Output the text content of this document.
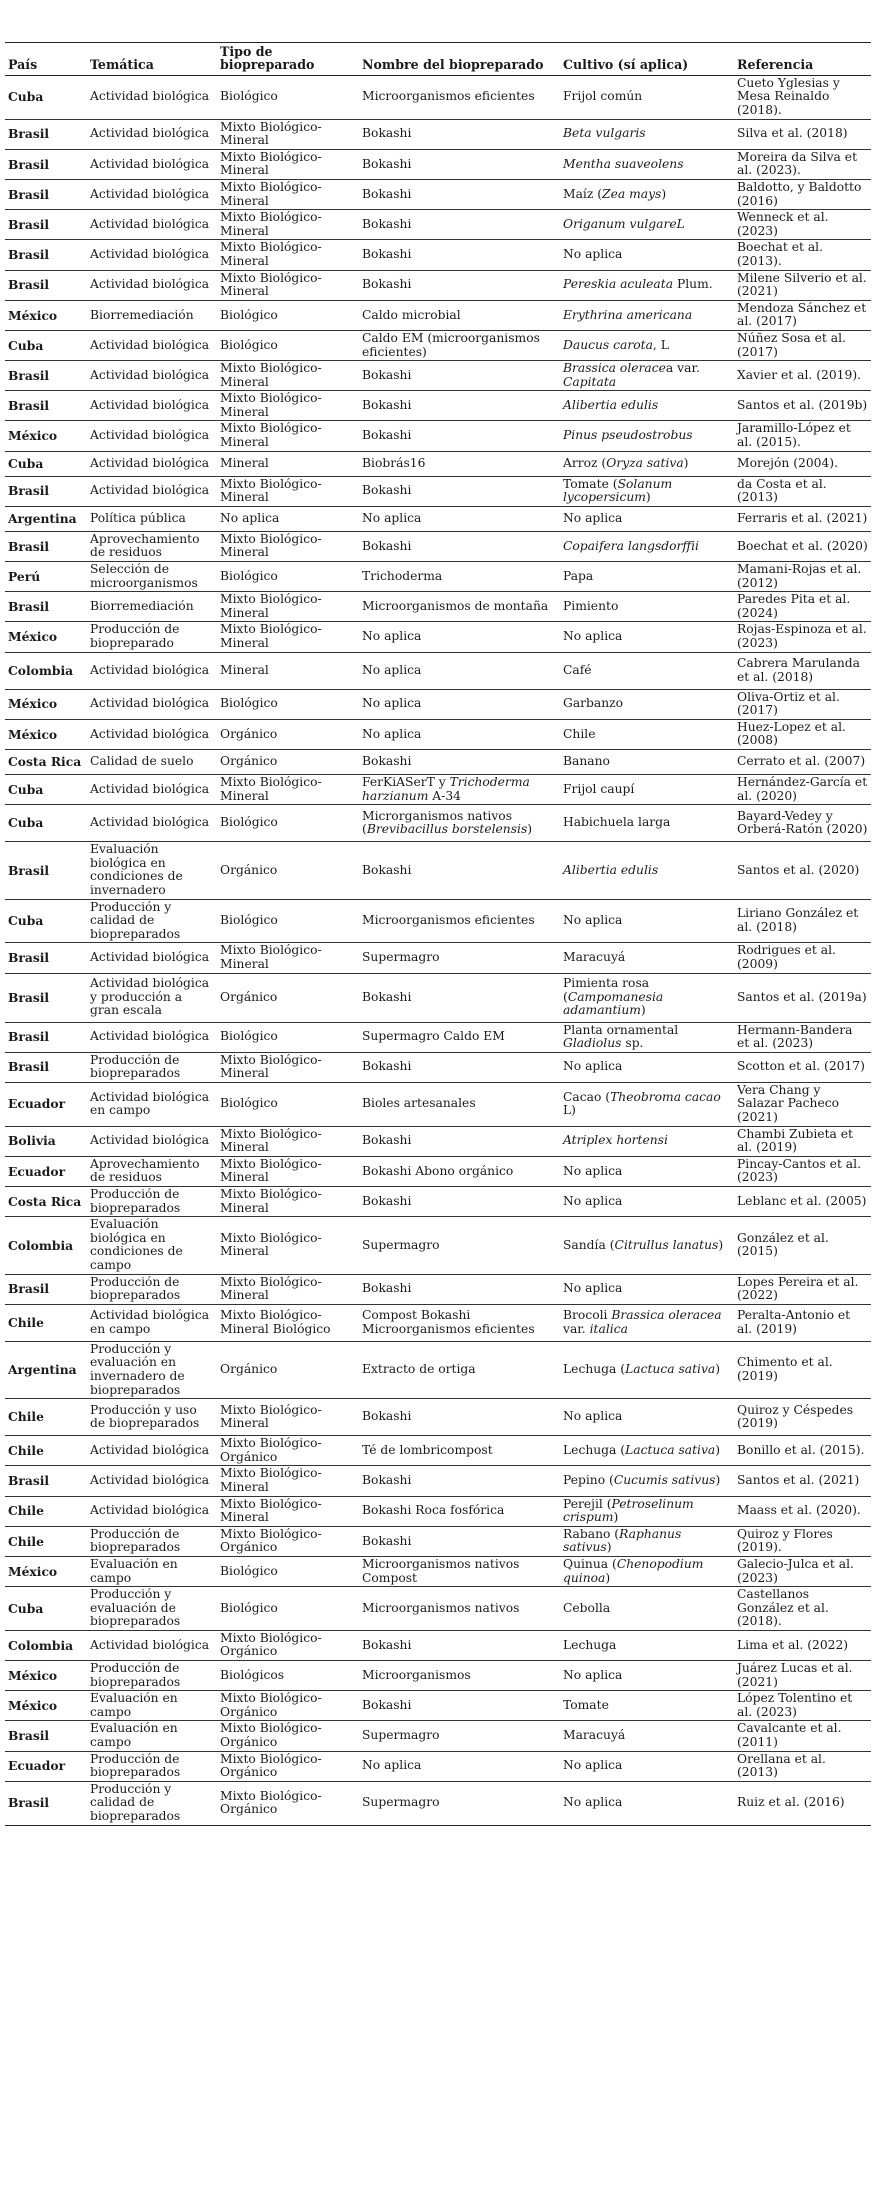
País	Temática	Tipo de biopreparado	Nombre del biopreparado	Cultivo (sí aplica)	Referencia
Cuba	Actividad biológica	Biológico	Microorganismos eficientes	Frijol común	Cueto Yglesias y Mesa Reinaldo (2018).
Brasil	Actividad biológica	Mixto Biológico-Mineral	Bokashi	Beta vulgaris	Silva et al. (2018)
Brasil	Actividad biológica	Mixto Biológico-Mineral	Bokashi	Mentha suaveolens	Moreira da Silva et al. (2023).
Brasil	Actividad biológica	Mixto Biológico-Mineral	Bokashi	Maíz (Zea mays)	Baldotto, y Baldotto (2016)
Brasil	Actividad biológica	Mixto Biológico-Mineral	Bokashi	Origanum vulgareL	Wenneck et al. (2023)
Brasil	Actividad biológica	Mixto Biológico-Mineral	Bokashi	No aplica	Boechat et al. (2013).
Brasil	Actividad biológica	Mixto Biológico-Mineral	Bokashi	Pereskia aculeata Plum.	Milene Silverio et al. (2021)
México	Biorremediación	Biológico	Caldo microbial	Erythrina americana	Mendoza Sánchez et al. (2017)
Cuba	Actividad biológica	Biológico	Caldo EM (microorganismos eficientes)	Daucus carota, L	Núñez Sosa et al. (2017)
Brasil	Actividad biológica	Mixto Biológico-Mineral	Bokashi	Brassica oleracea var. Capitata	Xavier et al. (2019).
Brasil	Actividad biológica	Mixto Biológico-Mineral	Bokashi	Alibertia edulis	Santos et al. (2019b)
México	Actividad biológica	Mixto Biológico-Mineral	Bokashi	Pinus pseudostrobus	Jaramillo-López et al. (2015).
Cuba	Actividad biológica	Mineral	Biobrás16	Arroz (Oryza sativa)	Morejón (2004).
Brasil	Actividad biológica	Mixto Biológico-Mineral	Bokashi	Tomate (Solanum lycopersicum)	da Costa et al. (2013)
Argentina	Política pública	No aplica	No aplica	No aplica	Ferraris et al. (2021)
Brasil	Aprovechamiento de residuos	Mixto Biológico-Mineral	Bokashi	Copaifera langsdorffii	Boechat et al. (2020)
Perú	Selección de microorganismos	Biológico	Trichoderma	Papa	Mamani-Rojas et al. (2012)
Brasil	Biorremediación	Mixto Biológico-Mineral	Microorganismos de montaña	Pimiento	Paredes Pita et al. (2024)
México	Producción de biopreparado	Mixto Biológico-Mineral	No aplica	No aplica	Rojas-Espinoza et al. (2023)
Colombia	Actividad biológica	Mineral	No aplica	Café	Cabrera Marulanda et al. (2018)
México	Actividad biológica	Biológico	No aplica	Garbanzo	Oliva-Ortiz et al. (2017)
México	Actividad biológica	Orgánico	No aplica	Chile	Huez-Lopez et al. (2008)
Costa Rica	Calidad de suelo	Orgánico	Bokashi	Banano	Cerrato et al. (2007)
Cuba	Actividad biológica	Mixto Biológico-Mineral	FerKiASerT y Trichoderma harzianum A-34	Frijol caupí	Hernández-García et al. (2020)
Cuba	Actividad biológica	Biológico	Microrganismos nativos (Brevibacillus borstelensis)	Habichuela larga	Bayard-Vedey y Orberá-Ratón (2020)
Brasil	Evaluación biológica en condiciones de invernadero	Orgánico	Bokashi	Alibertia edulis	Santos et al. (2020)
Cuba	Producción y calidad de biopreparados	Biológico	Microorganismos eficientes	No aplica	Liriano González et al. (2018)
Brasil	Actividad biológica	Mixto Biológico-Mineral	Supermagro	Maracuyá	Rodrigues et al. (2009)
Brasil	Actividad biológica y producción a gran escala	Orgánico	Bokashi	Pimienta rosa (Campomanesia adamantium)	Santos et al. (2019a)
Brasil	Actividad biológica	Biológico	Supermagro Caldo EM	Planta ornamental Gladiolus sp.	Hermann-Bandera et al. (2023)
Brasil	Producción de biopreparados	Mixto Biológico-Mineral	Bokashi	No aplica	Scotton et al. (2017)
Ecuador	Actividad biológica en campo	Biológico	Bioles artesanales	Cacao (Theobroma cacao L)	Vera Chang y Salazar Pacheco (2021)
Bolivia	Actividad biológica	Mixto Biológico-Mineral	Bokashi	Atriplex hortensi	Chambi Zubieta et al. (2019)
Ecuador	Aprovechamiento de residuos	Mixto Biológico-Mineral	Bokashi Abono orgánico	No aplica	Pincay-Cantos et al. (2023)
Costa Rica	Producción de biopreparados	Mixto Biológico-Mineral	Bokashi	No aplica	Leblanc et al. (2005)
Colombia	Evaluación biológica en condiciones de campo	Mixto Biológico-Mineral	Supermagro	Sandía (Citrullus lanatus)	González et al. (2015)
Brasil	Producción de biopreparados	Mixto Biológico-Mineral	Bokashi	No aplica	Lopes Pereira et al. (2022)
Chile	Actividad biológica en campo	Mixto Biológico-Mineral Biológico	Compost Bokashi Microorganismos eficientes	Brocoli Brassica oleracea var. italica	Peralta-Antonio et al. (2019)
Argentina	Producción y evaluación en invernadero de biopreparados	Orgánico	Extracto de ortiga	Lechuga (Lactuca sativa)	Chimento et al. (2019)
Chile	Producción y uso de biopreparados	Mixto Biológico-Mineral	Bokashi	No aplica	Quiroz y Céspedes (2019)
Chile	Actividad biológica	Mixto Biológico-Orgánico	Té de lombricompost	Lechuga (Lactuca sativa)	Bonillo et al. (2015).
Brasil	Actividad biológica	Mixto Biológico-Mineral	Bokashi	Pepino (Cucumis sativus)	Santos et al. (2021)
Chile	Actividad biológica	Mixto Biológico-Mineral	Bokashi Roca fosfórica	Perejil (Petroselinum crispum)	Maass et al. (2020).
Chile	Producción de biopreparados	Mixto Biológico-Orgánico	Bokashi	Rabano (Raphanus sativus)	Quiroz y Flores (2019).
México	Evaluación en campo	Biológico	Microorganismos nativos Compost	Quinua (Chenopodium quinoa)	Galecio-Julca et al. (2023)
Cuba	Producción y evaluación de biopreparados	Biológico	Microorganismos nativos	Cebolla	Castellanos González et al. (2018).
Colombia	Actividad biológica	Mixto Biológico-Orgánico	Bokashi	Lechuga	Lima et al. (2022)
México	Producción de biopreparados	Biológicos	Microorganismos	No aplica	Juárez Lucas et al. (2021)
México	Evaluación en campo	Mixto Biológico-Orgánico	Bokashi	Tomate	López Tolentino et al. (2023)
Brasil	Evaluación en campo	Mixto Biológico-Orgánico	Supermagro	Maracuyá	Cavalcante et al. (2011)
Ecuador	Producción de biopreparados	Mixto Biológico-Orgánico	No aplica	No aplica	Orellana et al. (2013)
Brasil	Producción y calidad de biopreparados	Mixto Biológico-Orgánico	Supermagro	No aplica	Ruiz et al. (2016)
